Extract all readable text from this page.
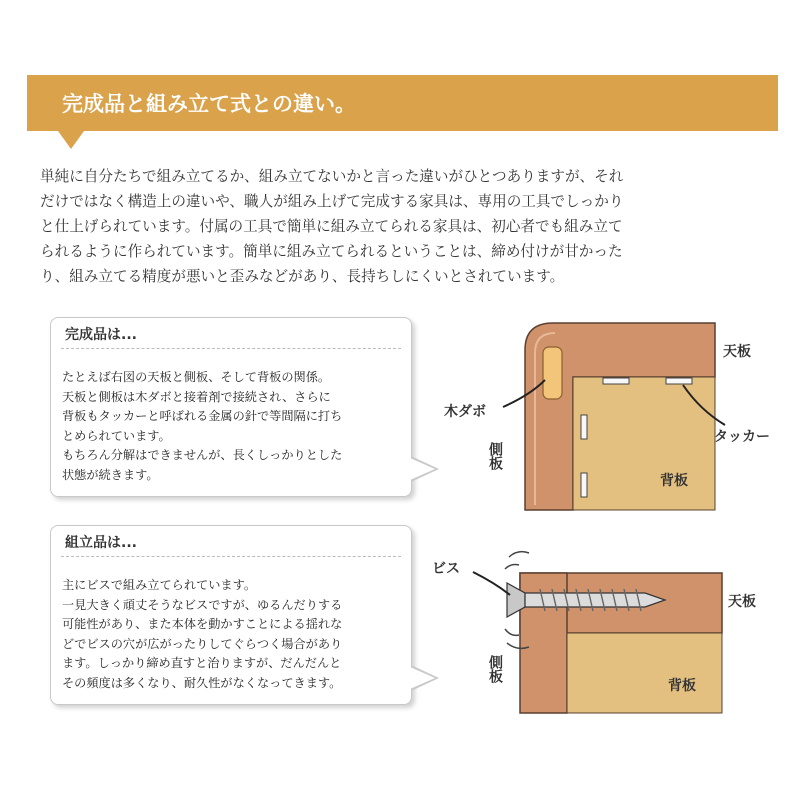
完成品と組み立て式との違い。
単純に自分たちで組み立てるか、組み立てないかと言った違いがひとつありますが、それ
だけではなく構造上の違いや、職人が組み上げて完成する家具は、専用の工具でしっかり
と仕上げられています。付属の工具で簡単に組み立てられる家具は、初心者でも組み立て
られるように作られています。簡単に組み立てられるということは、締め付けが甘かった
り、組み立てる精度が悪いと歪みなどがあり、長持ちしにくいとされています。
完成品は...
たとえば右図の天板と側板、そして背板の関係。
天板と側板は木ダボと接着剤で接続され、さらに
背板もタッカーと呼ばれる金属の針で等間隔に打ち
とめられています。
もちろん分解はできませんが、長くしっかりとした
状態が続きます。
組立品は...
主にビスで組み立てられています。
一見大きく頑丈そうなビスですが、ゆるんだりする
可能性があり、また本体を動かすことによる揺れな
どでビスの穴が広がったりしてぐらつく場合があり
ます。しっかり締め直すと治りますが、だんだんと
その頻度は多くなり、耐久性がなくなってきます。
天板
木ダボ
タッカー
背板
側板
ビス
天板
背板
側板
